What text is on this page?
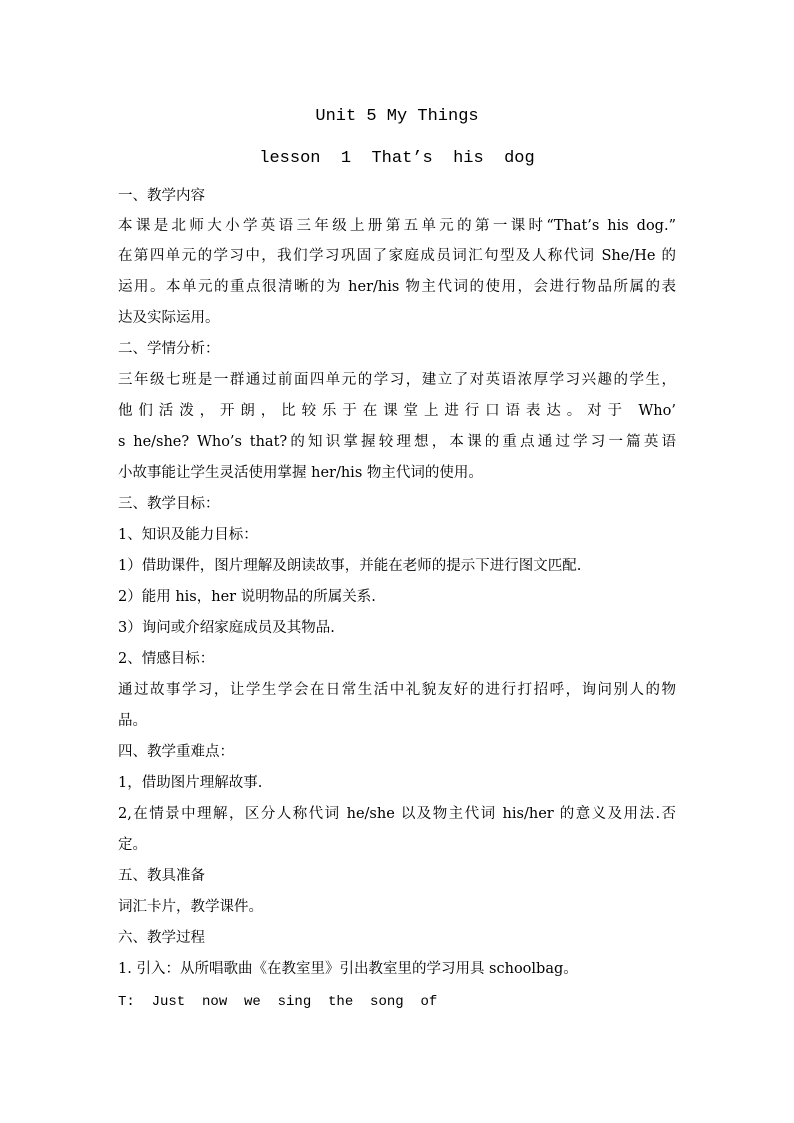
Unit 5 My Things
lesson  1  That’s  his  dog
一、教学内容
本课是北师大小学英语三年级上册第五单元的第一课时“That’s his dog.”
在第四单元的学习中，我们学习巩固了家庭成员词汇句型及人称代词 She/He 的
运用。本单元的重点很清晰的为 her/his 物主代词的使用，会进行物品所属的表
达及实际运用。
二、学情分析：
三年级七班是一群通过前面四单元的学习，建立了对英语浓厚学习兴趣的学生，
他们活泼，开朗，比较乐于在课堂上进行口语表达。对于 Who’
s he/she? Who’s that?的知识掌握较理想，本课的重点通过学习一篇英语
小故事能让学生灵活使用掌握 her/his 物主代词的使用。
三、教学目标：
1、知识及能力目标：
1）借助课件，图片理解及朗读故事，并能在老师的提示下进行图文匹配.
2）能用 his，her 说明物品的所属关系.
3）询问或介绍家庭成员及其物品.
2、情感目标：
通过故事学习，让学生学会在日常生活中礼貌友好的进行打招呼，询问别人的物
品。
四、教学重难点：
1，借助图片理解故事.
2,在情景中理解，区分人称代词 he/she 以及物主代词 his/her 的意义及用法.否
定。
五、教具准备
词汇卡片，教学课件。
六、教学过程
1. 引入：从所唱歌曲《在教室里》引出教室里的学习用具 schoolbag。
T:  Just  now  we  sing  the  song  of
